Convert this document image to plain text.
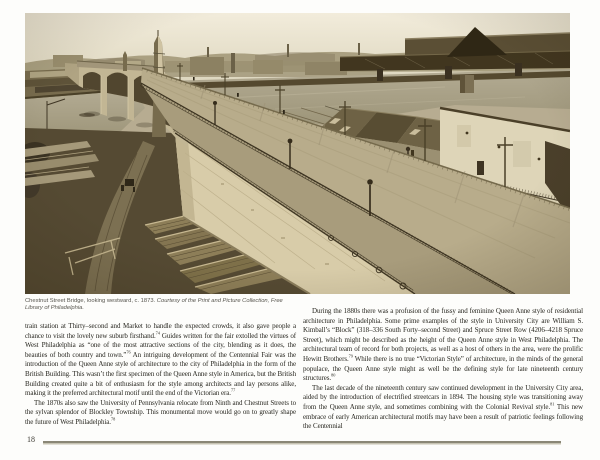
Chestnut Street Bridge, looking westward, c. 1873. Courtesy of the Print and Picture Collection, Free Library of Philadelphia.

train station at Thirty–second and Market to handle the expected crowds, it also gave people a chance to visit the lovely new suburb firsthand.$^{74}$ Guides written for the fair extolled the virtues of West Philadelphia as “one of the most attractive sections of the city, blending as it does, the beauties of both country and town.”$^{76}$ An intriguing development of the Centennial Fair was the introduction of the Queen Anne style of architecture to the city of Philadelphia in the form of the British Building. This wasn’t the first specimen of the Queen Anne style in America, but the British Building created quite a bit of enthusiasm for the style among architects and lay persons alike, making it the preferred architectural motif until the end of the Victorian era.$^{77}$

The 1870s also saw the University of Pennsylvania relocate from Ninth and Chestnut Streets to the sylvan splendor of Blockley Township. This monumental move would go on to greatly shape the future of West Philadelphia.$^{78}$

During the 1880s there was a profusion of the fussy and feminine Queen Anne style of residential architecture in Philadelphia. Some prime examples of the style in University City are William S. Kimball’s “Block” (318–336 South Forty–second Street) and Spruce Street Row (4206–4218 Spruce Street), which might be described as the height of the Queen Anne style in West Philadelphia. The architectural team of record for both projects, as well as a host of others in the area, were the prolific Hewitt Brothers.$^{79}$ While there is no true “Victorian Style” of architecture, in the minds of the general populace, the Queen Anne style might as well be the defining style for late nineteenth century structures.$^{80}$

The last decade of the nineteenth century saw continued development in the University City area, aided by the introduction of electrified streetcars in 1894. The housing style was transitioning away from the Queen Anne style, and sometimes combining with the Colonial Revival style.$^{81}$ This new embrace of early American architectural motifs may have been a result of patriotic feelings following the Centennial

18
